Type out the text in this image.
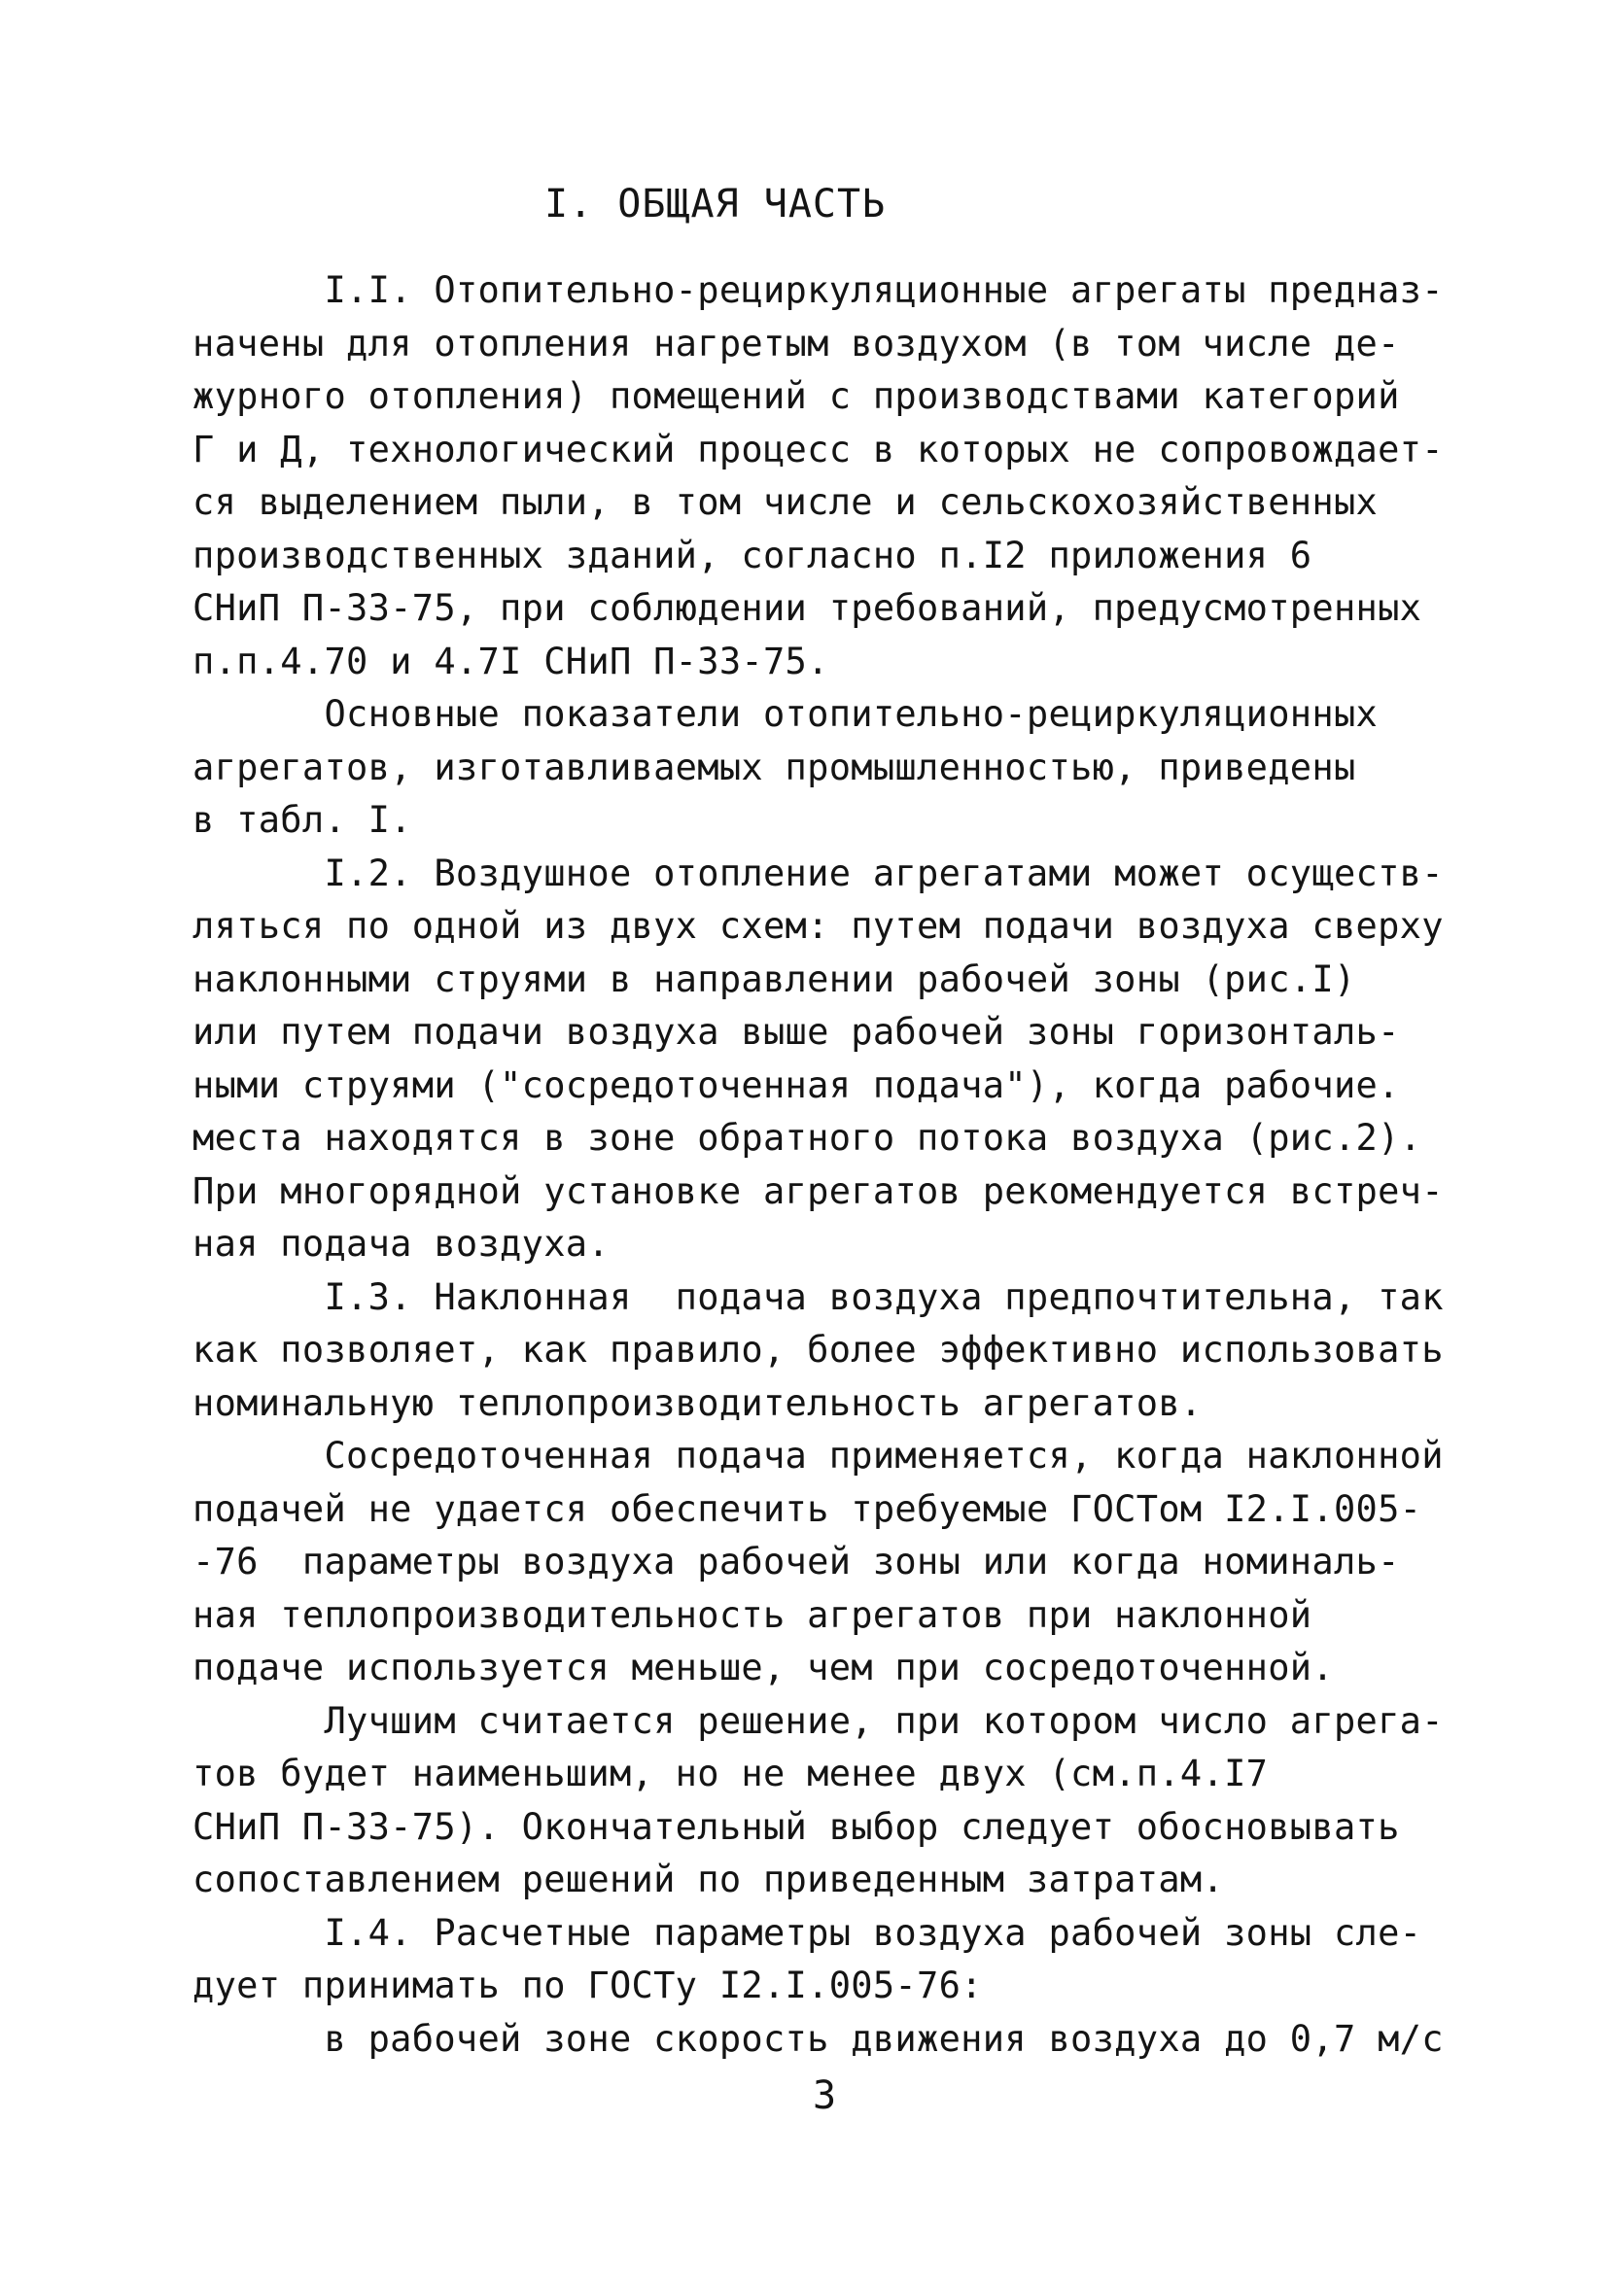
I. ОБЩАЯ ЧАСТЬ
I.I. Отопительно-рециркуляционные агрегаты предназ-
начены для отопления нагретым воздухом (в том числе де-
журного отопления) помещений с производствами категорий
Г и Д, технологический процесс в которых не сопровождает-
ся выделением пыли, в том числе и сельскохозяйственных
производственных зданий, согласно п.I2 приложения 6
СНиП П-33-75, при соблюдении требований, предусмотренных
п.п.4.70 и 4.7I СНиП П-33-75.
Основные показатели отопительно-рециркуляционных
агрегатов, изготавливаемых промышленностью, приведены
в табл. I.
I.2. Воздушное отопление агрегатами может осуществ-
ляться по одной из двух схем: путем подачи воздуха сверху
наклонными струями в направлении рабочей зоны (рис.I)
или путем подачи воздуха выше рабочей зоны горизонталь-
ными струями ("сосредоточенная подача"), когда рабочие.
места находятся в зоне обратного потока воздуха (рис.2).
При многорядной установке агрегатов рекомендуется встреч-
ная подача воздуха.
I.3. Наклонная  подача воздуха предпочтительна, так
как позволяет, как правило, более эффективно использовать
номинальную теплопроизводительность агрегатов.
Сосредоточенная подача применяется, когда наклонной
подачей не удается обеспечить требуемые ГОСТом I2.I.005-
-76  параметры воздуха рабочей зоны или когда номиналь-
ная теплопроизводительность агрегатов при наклонной
подаче используется меньше, чем при сосредоточенной.
Лучшим считается решение, при котором число агрега-
тов будет наименьшим, но не менее двух (см.п.4.I7
СНиП П-33-75). Окончательный выбор следует обосновывать
сопоставлением решений по приведенным затратам.
I.4. Расчетные параметры воздуха рабочей зоны сле-
дует принимать по ГОСТу I2.I.005-76:
в рабочей зоне скорость движения воздуха до 0,7 м/с
3
